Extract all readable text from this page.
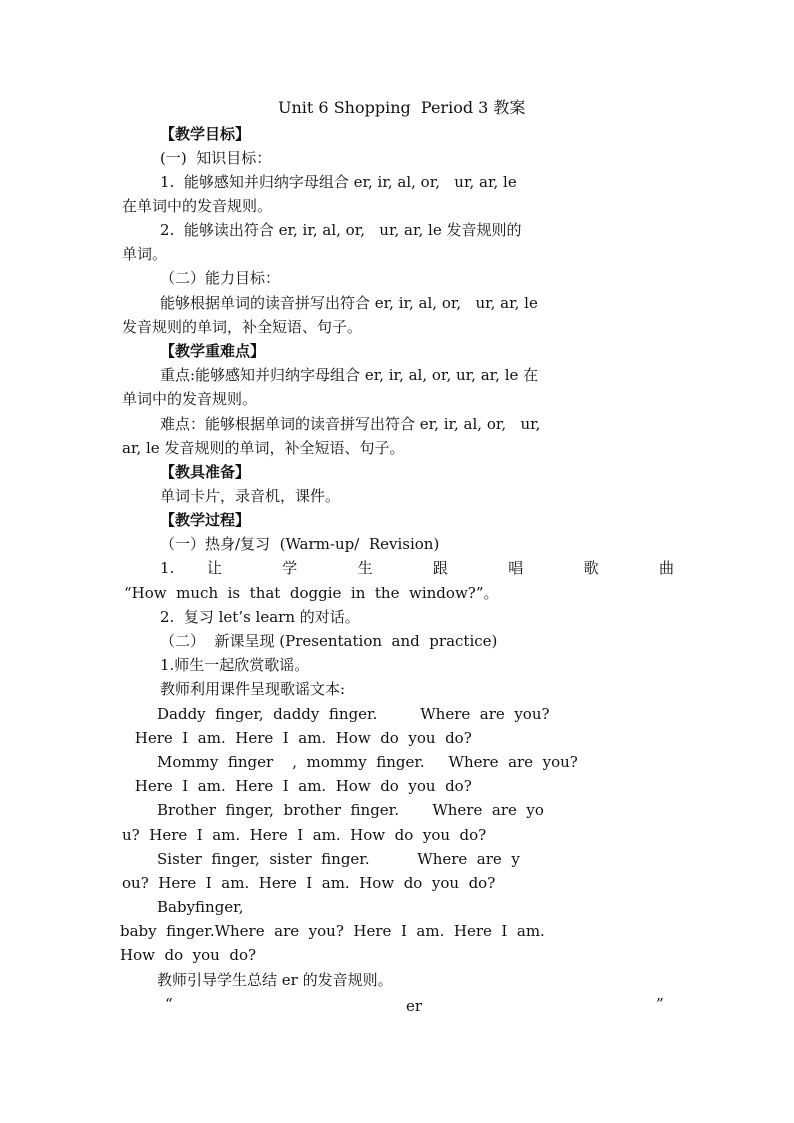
Unit 6 Shopping  Period 3 教案
【教学目标】
(一)  知识目标：
1.  能够感知并归纳字母组合 er, ir, al, or,   ur, ar, le
在单词中的发音规则。
2.  能够读出符合 er, ir, al, or,   ur, ar, le 发音规则的
单词。
（二）能力目标：
能够根据单词的读音拼写出符合 er, ir, al, or,   ur, ar, le
发音规则的单词，补全短语、句子。
【教学重难点】
重点:能够感知并归纳字母组合 er, ir, al, or, ur, ar, le 在
单词中的发音规则。
难点：能够根据单词的读音拼写出符合 er, ir, al, or,   ur,
ar, le 发音规则的单词，补全短语、句子。
【教具准备】
单词卡片，录音机，课件。
【教学过程】
（一）热身/复习  (Warm-up/  Revision)
1. 让 学 生 跟 唱 歌 曲
“How  much  is  that  doggie  in  the  window?”。
2.  复习 let’s learn 的对话。
（二）  新课呈现 (Presentation  and  practice)
1.师生一起欣赏歌谣。
教师利用课件呈现歌谣文本:
Daddy  finger,  daddy  finger.         Where  are  you?
Here  I  am.  Here  I  am.  How  do  you  do?
Mommy  finger    ,  mommy  finger.     Where  are  you?
Here  I  am.  Here  I  am.  How  do  you  do?
Brother  finger,  brother  finger.       Where  are  yo
u?  Here  I  am.  Here  I  am.  How  do  you  do?
Sister  finger,  sister  finger.          Where  are  y
ou?  Here  I  am.  Here  I  am.  How  do  you  do?
Babyfinger,
baby  finger.Where  are  you?  Here  I  am.  Here  I  am.
How  do  you  do?
教师引导学生总结 er 的发音规则。
“	er	”
